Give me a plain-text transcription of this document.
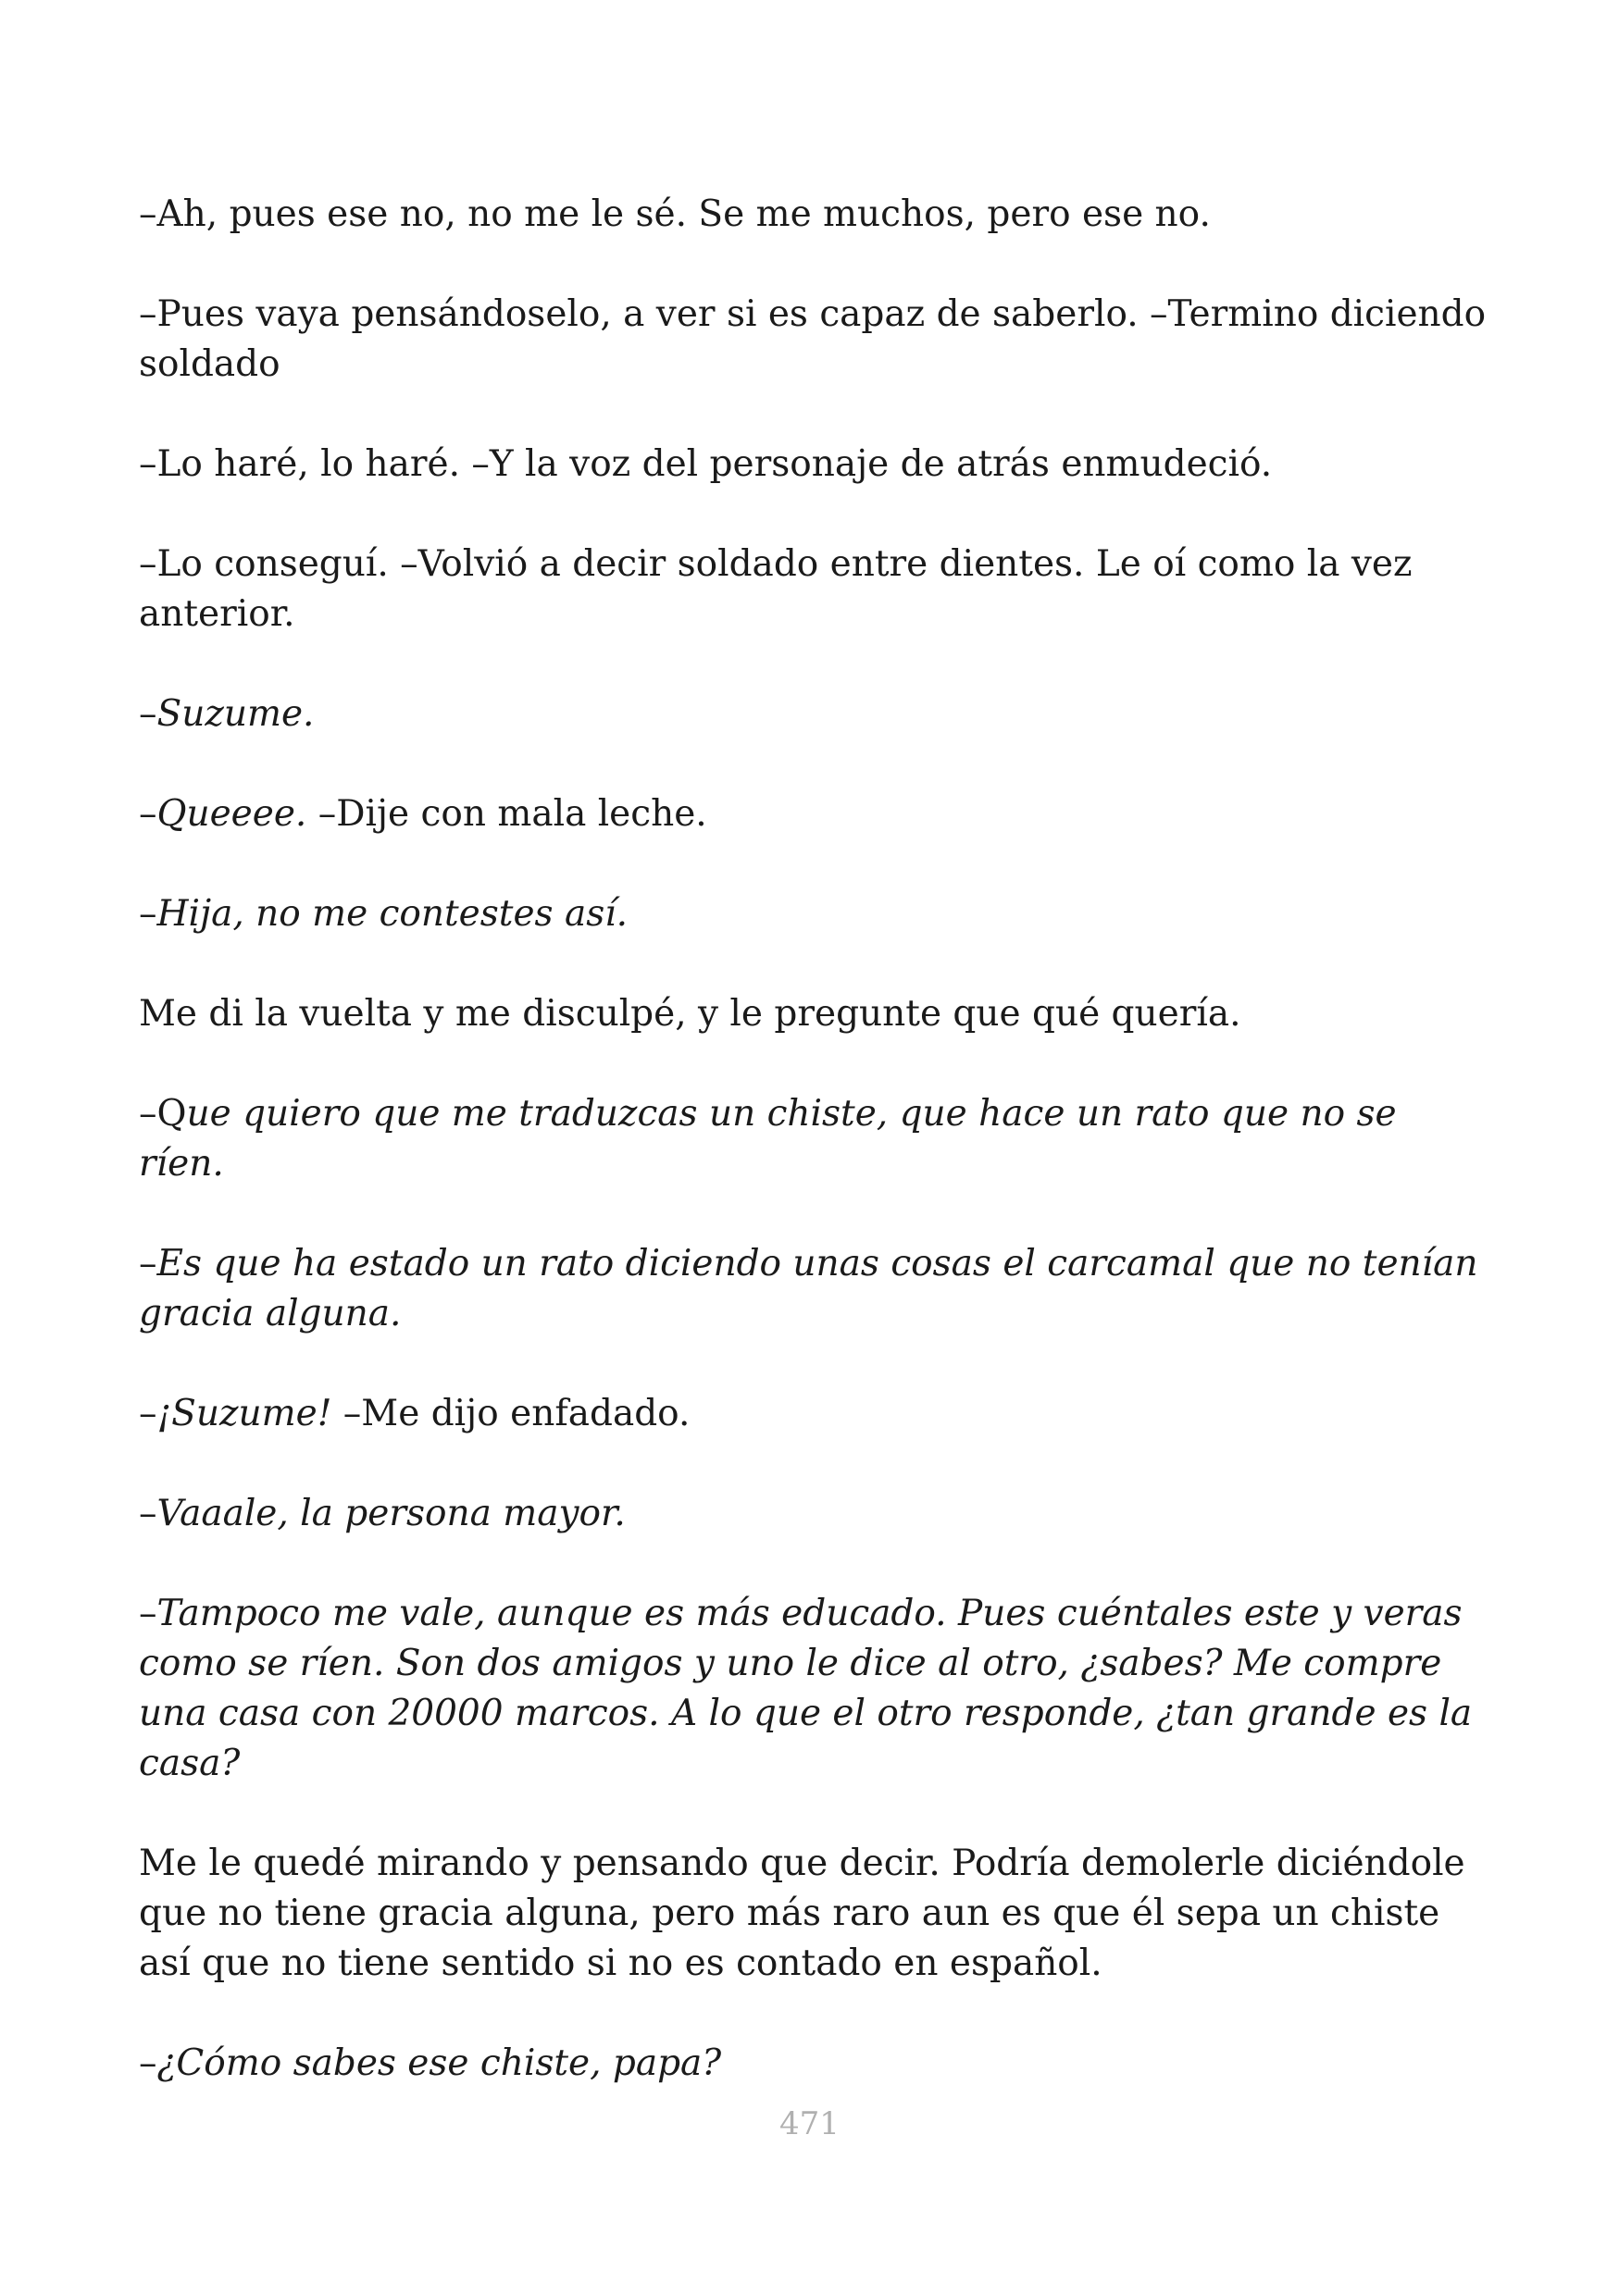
–Ah, pues ese no, no me le sé. Se me muchos, pero ese no.

–Pues vaya pensándoselo, a ver si es capaz de saberlo. –Termino diciendo soldado

–Lo haré, lo haré. –Y la voz del personaje de atrás enmudeció.

–Lo conseguí. –Volvió a decir soldado entre dientes. Le oí como la vez anterior.

–Suzume.

–Queeee. –Dije con mala leche.

–Hija, no me contestes así.

Me di la vuelta y me disculpé, y le pregunte que qué quería.

–Que quiero que me traduzcas un chiste, que hace un rato que no se ríen.

–Es que ha estado un rato diciendo unas cosas el carcamal que no tenían gracia alguna.

–¡Suzume! –Me dijo enfadado.

–Vaaale, la persona mayor.

–Tampoco me vale, aunque es más educado. Pues cuéntales este y veras como se ríen. Son dos amigos y uno le dice al otro, ¿sabes? Me compre una casa con 20000 marcos. A lo que el otro responde, ¿tan grande es la casa?

Me le quedé mirando y pensando que decir. Podría demolerle diciéndole que no tiene gracia alguna, pero más raro aun es que él sepa un chiste así que no tiene sentido si no es contado en español.

–¿Cómo sabes ese chiste, papa?

471
